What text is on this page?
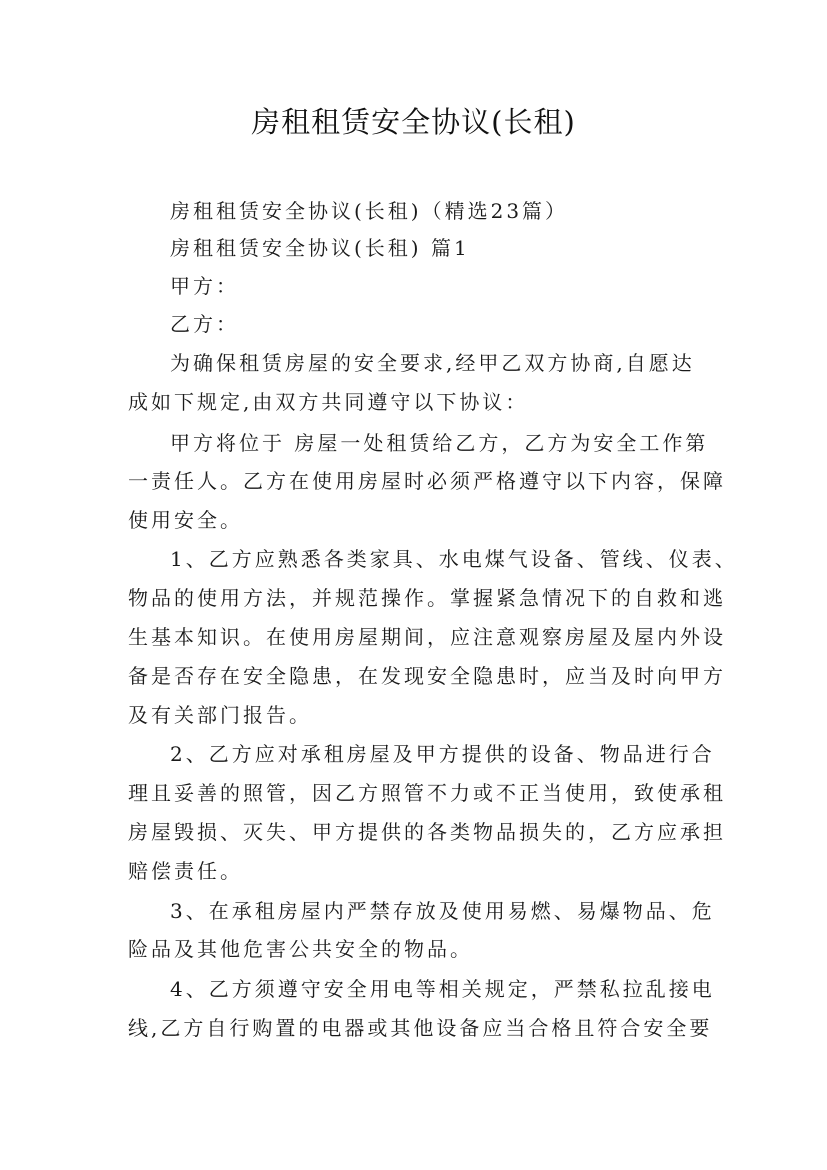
房租租赁安全协议(长租)
房租租赁安全协议(长租)（精选23篇）
房租租赁安全协议(长租) 篇1
甲方：
乙方：
为确保租赁房屋的安全要求,经甲乙双方协商,自愿达
成如下规定,由双方共同遵守以下协议：
甲方将位于 房屋一处租赁给乙方，乙方为安全工作第
一责任人。乙方在使用房屋时必须严格遵守以下内容，保障
使用安全。
1、乙方应熟悉各类家具、水电煤气设备、管线、仪表、
物品的使用方法，并规范操作。掌握紧急情况下的自救和逃
生基本知识。在使用房屋期间，应注意观察房屋及屋内外设
备是否存在安全隐患，在发现安全隐患时，应当及时向甲方
及有关部门报告。
2、乙方应对承租房屋及甲方提供的设备、物品进行合
理且妥善的照管，因乙方照管不力或不正当使用，致使承租
房屋毁损、灭失、甲方提供的各类物品损失的，乙方应承担
赔偿责任。
3、在承租房屋内严禁存放及使用易燃、易爆物品、危
险品及其他危害公共安全的物品。
4、乙方须遵守安全用电等相关规定，严禁私拉乱接电
线,乙方自行购置的电器或其他设备应当合格且符合安全要
